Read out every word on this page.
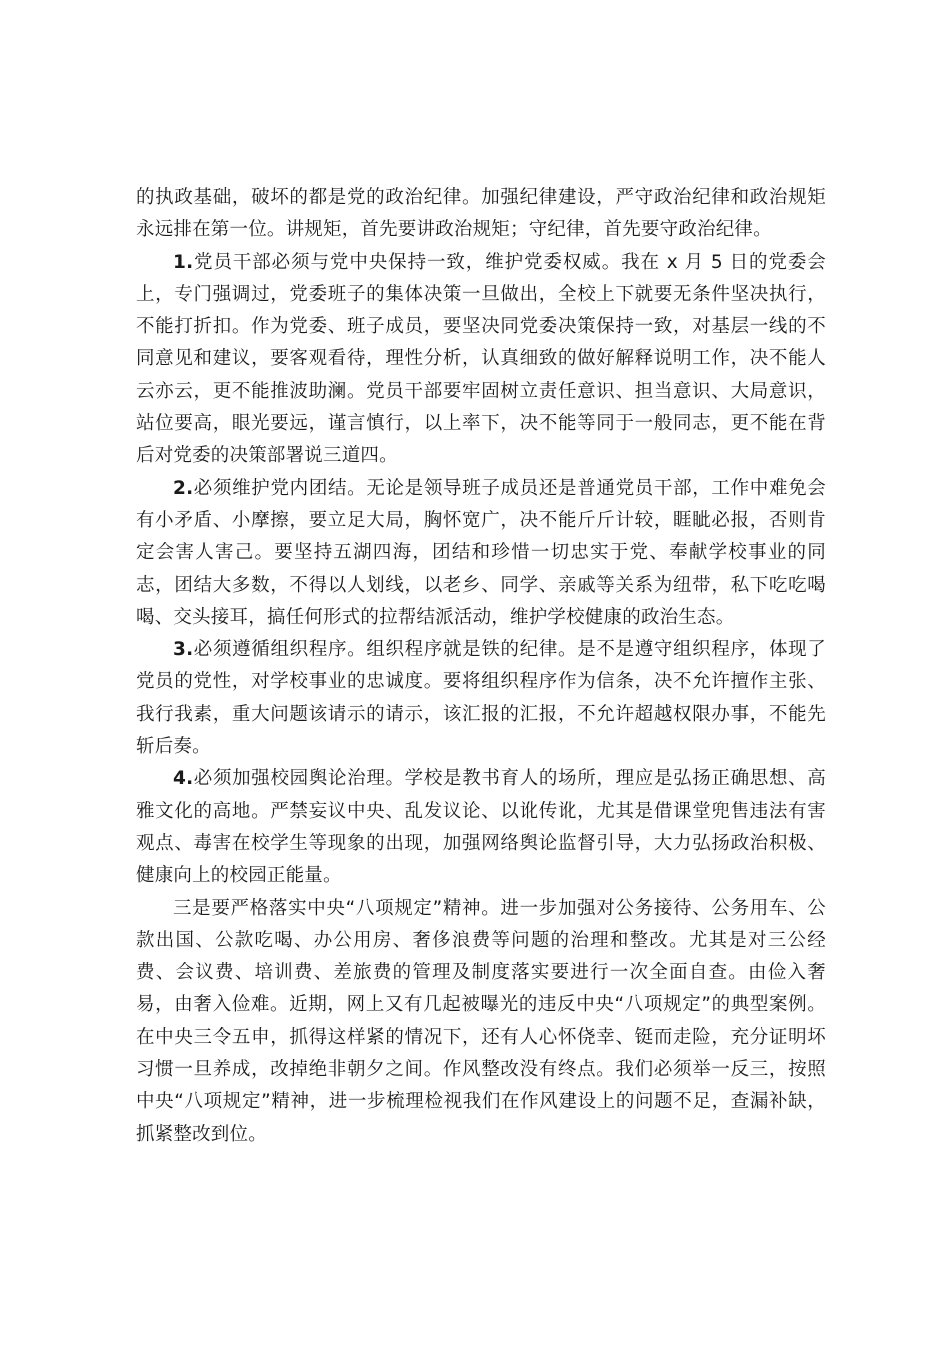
的执政基础，破坏的都是党的政治纪律。加强纪律建设，严守政治纪律和政治规矩永远排在第一位。讲规矩，首先要讲政治规矩；守纪律，首先要守政治纪律。

1.党员干部必须与党中央保持一致，维护党委权威。我在 x 月 5 日的党委会上，专门强调过，党委班子的集体决策一旦做出，全校上下就要无条件坚决执行，不能打折扣。作为党委、班子成员，要坚决同党委决策保持一致，对基层一线的不同意见和建议，要客观看待，理性分析，认真细致的做好解释说明工作，决不能人云亦云，更不能推波助澜。党员干部要牢固树立责任意识、担当意识、大局意识，站位要高，眼光要远，谨言慎行，以上率下，决不能等同于一般同志，更不能在背后对党委的决策部署说三道四。

2.必须维护党内团结。无论是领导班子成员还是普通党员干部，工作中难免会有小矛盾、小摩擦，要立足大局，胸怀宽广，决不能斤斤计较，睚眦必报，否则肯定会害人害己。要坚持五湖四海，团结和珍惜一切忠实于党、奉献学校事业的同志，团结大多数，不得以人划线，以老乡、同学、亲戚等关系为纽带，私下吃吃喝喝、交头接耳，搞任何形式的拉帮结派活动，维护学校健康的政治生态。

3.必须遵循组织程序。组织程序就是铁的纪律。是不是遵守组织程序，体现了党员的党性，对学校事业的忠诚度。要将组织程序作为信条，决不允许擅作主张、我行我素，重大问题该请示的请示，该汇报的汇报，不允许超越权限办事，不能先斩后奏。

4.必须加强校园舆论治理。学校是教书育人的场所，理应是弘扬正确思想、高雅文化的高地。严禁妄议中央、乱发议论、以讹传讹，尤其是借课堂兜售违法有害观点、毒害在校学生等现象的出现，加强网络舆论监督引导，大力弘扬政治积极、健康向上的校园正能量。

三是要严格落实中央“八项规定”精神。进一步加强对公务接待、公务用车、公款出国、公款吃喝、办公用房、奢侈浪费等问题的治理和整改。尤其是对三公经费、会议费、培训费、差旅费的管理及制度落实要进行一次全面自查。由俭入奢易，由奢入俭难。近期，网上又有几起被曝光的违反中央“八项规定”的典型案例。在中央三令五申，抓得这样紧的情况下，还有人心怀侥幸、铤而走险，充分证明坏习惯一旦养成，改掉绝非朝夕之间。作风整改没有终点。我们必须举一反三，按照中央“八项规定”精神，进一步梳理检视我们在作风建设上的问题不足，查漏补缺，抓紧整改到位。
